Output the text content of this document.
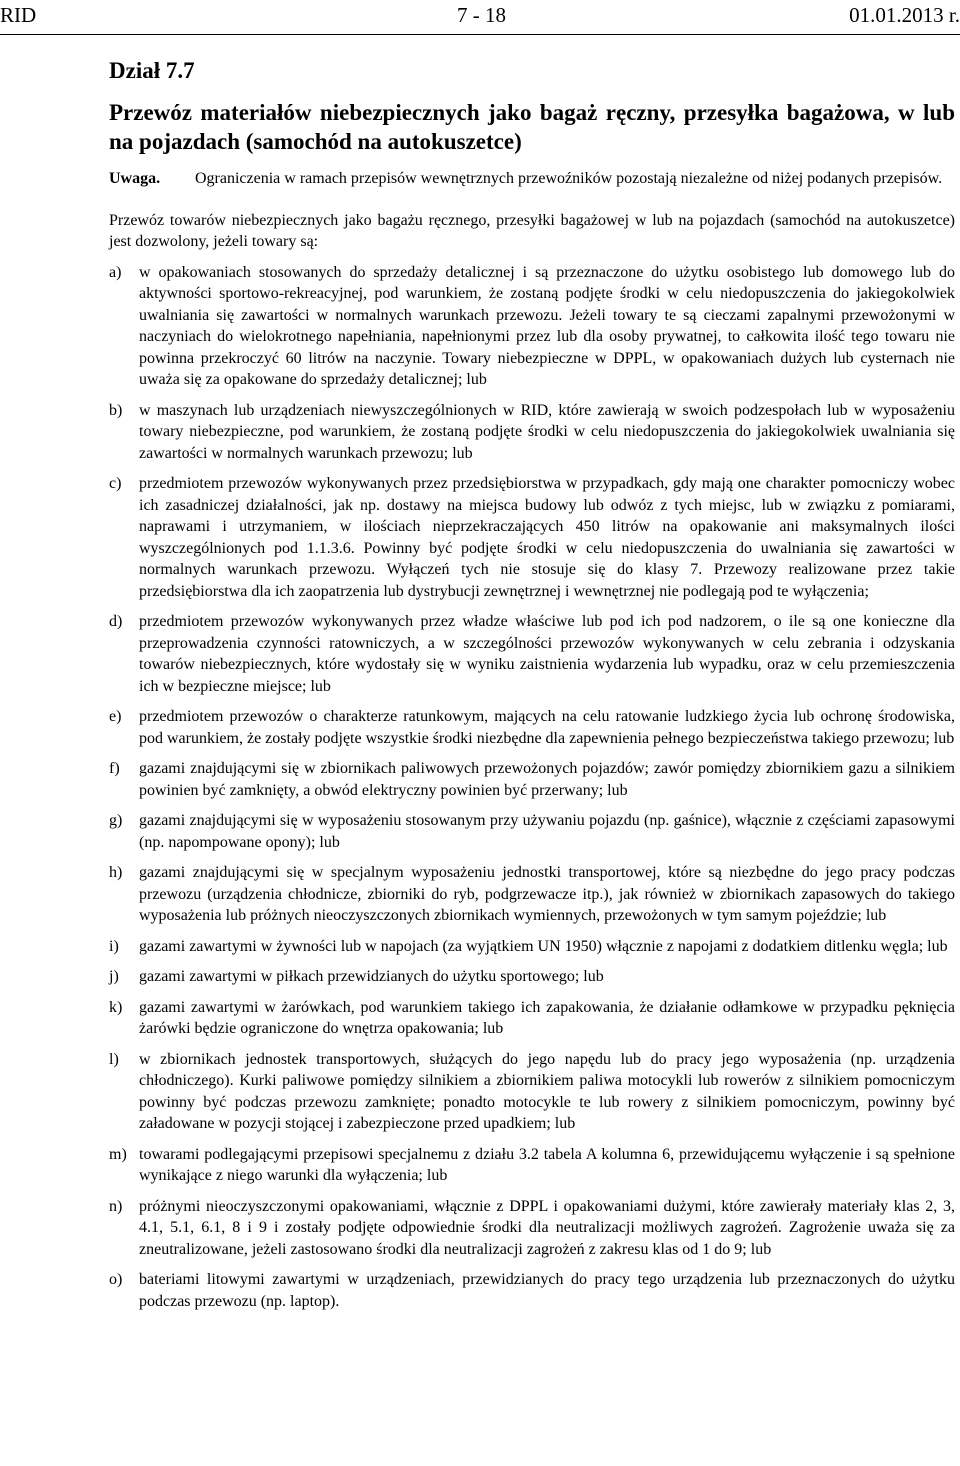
RID	7 - 18	01.01.2013 r.
Dział 7.7
Przewóz materiałów niebezpiecznych jako bagaż ręczny, przesyłka bagażowa, w lub na pojazdach (samochód na autokuszetce)
Uwaga.	Ograniczenia w ramach przepisów wewnętrznych przewoźników pozostają niezależne od niżej podanych przepisów.
Przewóz towarów niebezpiecznych jako bagażu ręcznego, przesyłki bagażowej w lub na pojazdach (samochód na autokuszetce) jest dozwolony, jeżeli towary są:
a)	w opakowaniach stosowanych do sprzedaży detalicznej i są przeznaczone do użytku osobistego lub domowego lub do aktywności sportowo-rekreacyjnej, pod warunkiem, że zostaną podjęte środki w celu niedopuszczenia do jakiegokolwiek uwalniania się zawartości w normalnych warunkach przewozu. Jeżeli towary te są cieczami zapalnymi przewożonymi w naczyniach do wielokrotnego napełniania, napełnionymi przez lub dla osoby prywatnej, to całkowita ilość tego towaru nie powinna przekroczyć 60 litrów na naczynie. Towary niebezpieczne w DPPL, w opakowaniach dużych lub cysternach nie uważa się za opakowane do sprzedaży detalicznej; lub
b)	w maszynach lub urządzeniach niewyszczególnionych w RID, które zawierają w swoich podzespołach lub w wyposażeniu towary niebezpieczne, pod warunkiem, że zostaną podjęte środki w celu niedopuszczenia do jakiegokolwiek uwalniania się zawartości w normalnych warunkach przewozu; lub
c)	przedmiotem przewozów wykonywanych przez przedsiębiorstwa w przypadkach, gdy mają one charakter pomocniczy wobec ich zasadniczej działalności, jak np. dostawy na miejsca budowy lub odwóz z tych miejsc, lub w związku z pomiarami, naprawami i utrzymaniem, w ilościach nieprzekraczających 450 litrów na opakowanie ani maksymalnych ilości wyszczególnionych pod 1.1.3.6. Powinny być podjęte środki w celu niedopuszczenia do uwalniania się zawartości w normalnych warunkach przewozu. Wyłączeń tych nie stosuje się do klasy 7. Przewozy realizowane przez takie przedsiębiorstwa dla ich zaopatrzenia lub dystrybucji zewnętrznej i wewnętrznej nie podlegają pod te wyłączenia;
d)	przedmiotem przewozów wykonywanych przez władze właściwe lub pod ich pod nadzorem, o ile są one konieczne dla przeprowadzenia czynności ratowniczych, a w szczególności przewozów wykonywanych w celu zebrania i odzyskania towarów niebezpiecznych, które wydostały się w wyniku zaistnienia wydarzenia lub wypadku, oraz w celu przemieszczenia ich w bezpieczne miejsce; lub
e)	przedmiotem przewozów o charakterze ratunkowym, mających na celu ratowanie ludzkiego życia lub ochronę środowiska, pod warunkiem, że zostały podjęte wszystkie środki niezbędne dla zapewnienia pełnego bezpieczeństwa takiego przewozu; lub
f)	gazami znajdującymi się w zbiornikach paliwowych przewożonych pojazdów; zawór pomiędzy zbiornikiem gazu a silnikiem powinien być zamknięty, a obwód elektryczny powinien być przerwany; lub
g)	gazami znajdującymi się w wyposażeniu stosowanym przy używaniu pojazdu (np. gaśnice), włącznie z częściami zapasowymi (np. napompowane opony); lub
h)	gazami znajdującymi się w specjalnym wyposażeniu jednostki transportowej, które są niezbędne do jego pracy podczas przewozu (urządzenia chłodnicze, zbiorniki do ryb, podgrzewacze itp.), jak również w zbiornikach zapasowych do takiego wyposażenia lub próżnych nieoczyszczonych zbiornikach wymiennych, przewożonych w tym samym pojeździe; lub
i)	gazami zawartymi w żywności lub w napojach (za wyjątkiem UN 1950) włącznie z napojami z dodatkiem ditlenku węgla; lub
j)	gazami zawartymi w piłkach przewidzianych do użytku sportowego; lub
k)	gazami zawartymi w żarówkach, pod warunkiem takiego ich zapakowania, że działanie odłamkowe w przypadku pęknięcia żarówki będzie ograniczone do wnętrza opakowania; lub
l)	w zbiornikach jednostek transportowych, służących do jego napędu lub do pracy jego wyposażenia (np. urządzenia chłodniczego). Kurki paliwowe pomiędzy silnikiem a zbiornikiem paliwa motocykli lub rowerów z silnikiem pomocniczym powinny być podczas przewozu zamknięte; ponadto motocykle te lub rowery z silnikiem pomocniczym, powinny być załadowane w pozycji stojącej i zabezpieczone przed upadkiem; lub
m) towarami podlegającymi przepisowi specjalnemu z działu 3.2 tabela A kolumna 6, przewidującemu wyłączenie i są spełnione wynikające z niego warunki dla wyłączenia; lub
n)	próżnymi nieoczyszczonymi opakowaniami, włącznie z DPPL i opakowaniami dużymi, które zawierały materiały klas 2, 3, 4.1, 5.1, 6.1, 8 i 9 i zostały podjęte odpowiednie środki dla neutralizacji możliwych zagrożeń. Zagrożenie uważa się za zneutralizowane, jeżeli zastosowano środki dla neutralizacji zagrożeń z zakresu klas od 1 do 9; lub
o)	bateriami litowymi zawartymi w urządzeniach, przewidzianych do pracy tego urządzenia lub przeznaczonych do użytku podczas przewozu (np. laptop).
